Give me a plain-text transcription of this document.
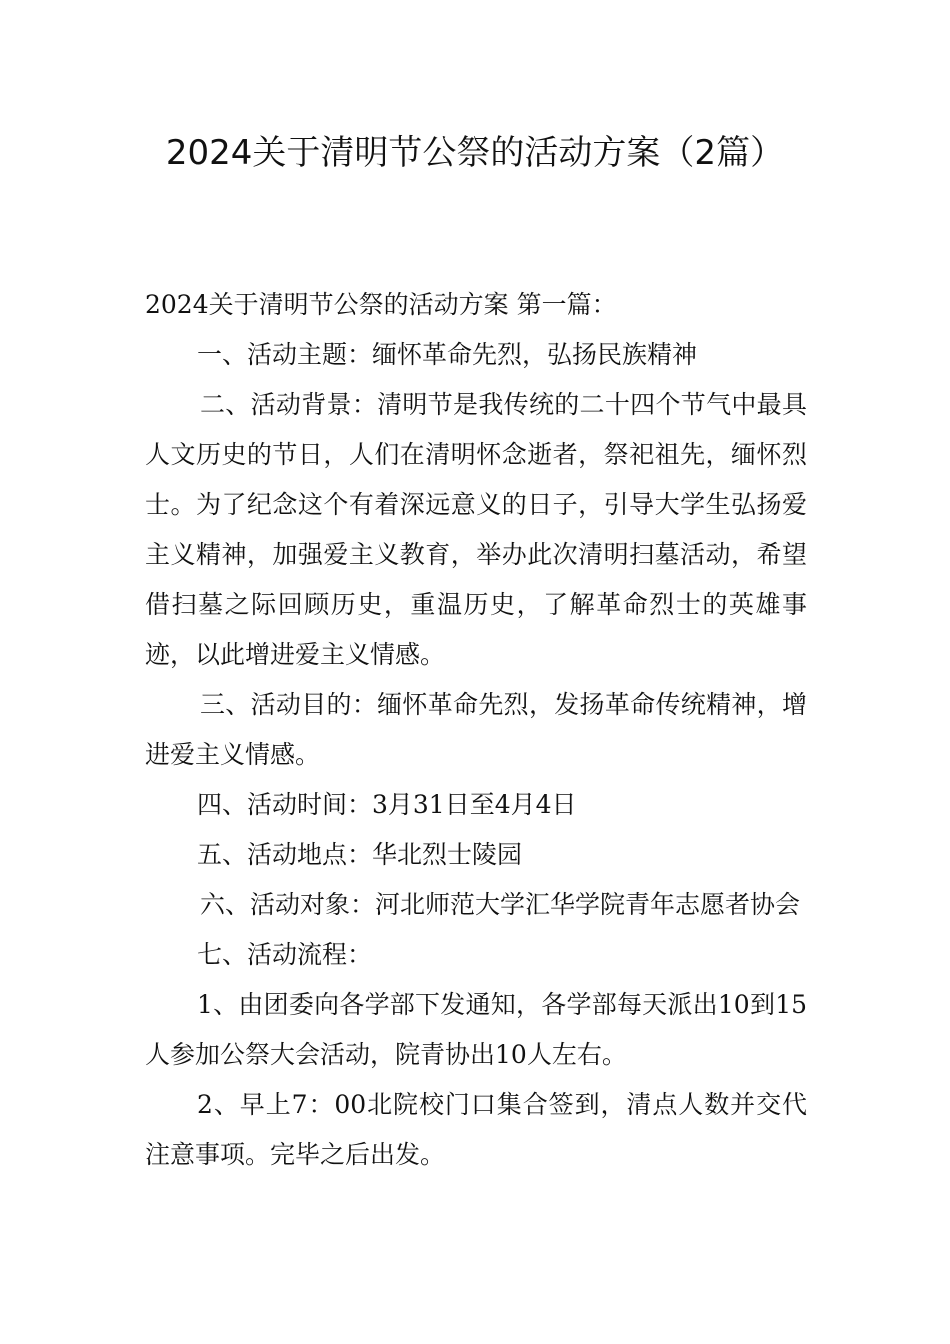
2024关于清明节公祭的活动方案（2篇）

2024关于清明节公祭的活动方案 第一篇：

一、活动主题：缅怀革命先烈，弘扬民族精神

二、活动背景：清明节是我传统的二十四个节气中最具人文历史的节日，人们在清明怀念逝者，祭祀祖先，缅怀烈士。为了纪念这个有着深远意义的日子，引导大学生弘扬爱主义精神，加强爱主义教育，举办此次清明扫墓活动，希望借扫墓之际回顾历史，重温历史，了解革命烈士的英雄事迹，以此增进爱主义情感。

三、活动目的：缅怀革命先烈，发扬革命传统精神，增进爱主义情感。

四、活动时间：3月31日至4月4日

五、活动地点：华北烈士陵园

六、活动对象：河北师范大学汇华学院青年志愿者协会

七、活动流程：

1、由团委向各学部下发通知，各学部每天派出10到15人参加公祭大会活动，院青协出10人左右。

2、早上7：00北院校门口集合签到，清点人数并交代注意事项。完毕之后出发。
